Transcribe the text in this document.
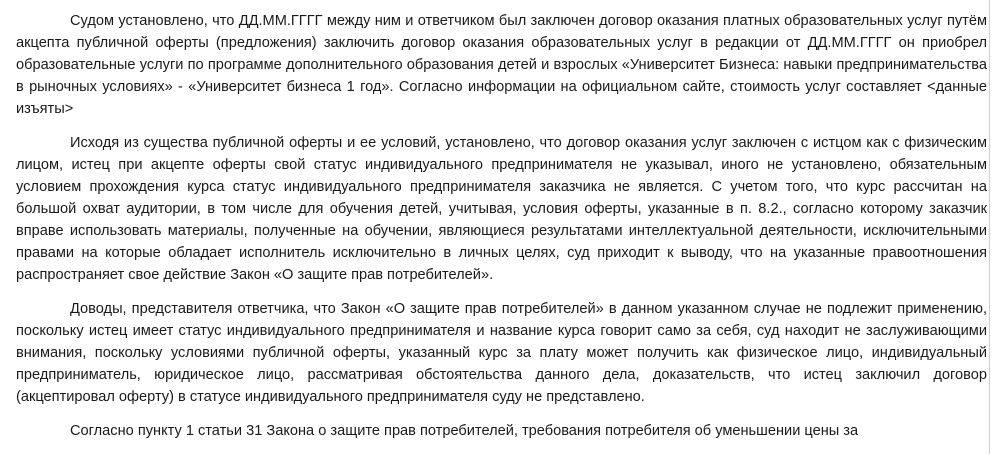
Судом установлено, что ДД.ММ.ГГГГ между ним и ответчиком был заключен договор оказания платных образовательных услуг путём акцепта публичной оферты (предложения) заключить договор оказания образовательных услуг в редакции от ДД.ММ.ГГГГ он приобрел образовательные услуги по программе дополнительного образования детей и взрослых «Университет Бизнеса: навыки предпринимательства в рыночных условиях» - «Университет бизнеса 1 год». Согласно информации на официальном сайте, стоимость услуг составляет <данные изъяты>

Исходя из существа публичной оферты и ее условий, установлено, что договор оказания услуг заключен с истцом как с физическим лицом, истец при акцепте оферты свой статус индивидуального предпринимателя не указывал, иного не установлено, обязательным условием прохождения курса статус индивидуального предпринимателя заказчика не является. С учетом того, что курс рассчитан на большой охват аудитории, в том числе для обучения детей, учитывая, условия оферты, указанные в п. 8.2., согласно которому заказчик вправе использовать материалы, полученные на обучении, являющиеся результатами интеллектуальной деятельности, исключительными правами на которые обладает исполнитель исключительно в личных целях, суд приходит к выводу, что на указанные правоотношения распространяет свое действие Закон «О защите прав потребителей».

Доводы, представителя ответчика, что Закон «О защите прав потребителей» в данном указанном случае не подлежит применению, поскольку истец имеет статус индивидуального предпринимателя и название курса говорит само за себя, суд находит не заслуживающими внимания, поскольку условиями публичной оферты, указанный курс за плату может получить как физическое лицо, индивидуальный предприниматель, юридическое лицо, рассматривая обстоятельства данного дела, доказательств, что истец заключил договор (акцептировал оферту) в статусе индивидуального предпринимателя суду не представлено.

Согласно пункту 1 статьи 31 Закона о защите прав потребителей, требования потребителя об уменьшении цены за
